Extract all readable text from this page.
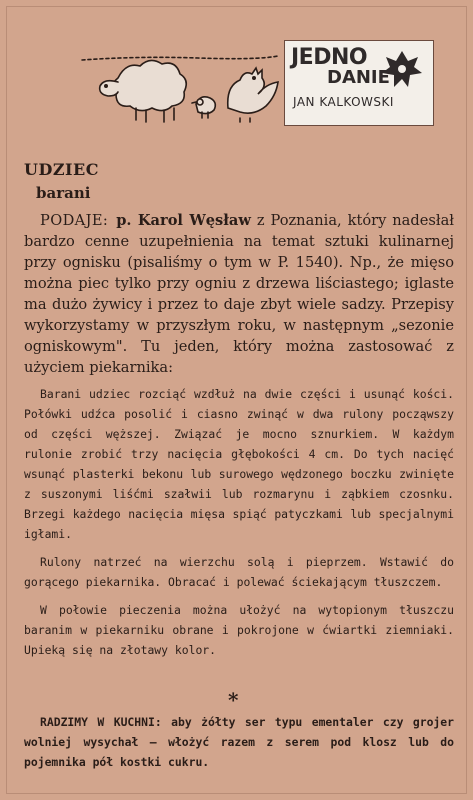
JEDNO
DANIE
JAN KALKOWSKI
UDZIEC
barani
PODAJE: p. Karol Węsław z Poznania, który nadesłał bardzo cenne uzupełnienia na temat sztuki kulinarnej przy ognisku (pisaliśmy o tym w P. 1540). Np., że mięso można piec tylko przy ogniu z drzewa liściastego; iglaste ma dużo żywicy i przez to daje zbyt wiele sadzy. Przepisy wykorzystamy w przyszłym roku, w następnym „sezonie ogniskowym". Tu jeden, który można zastosować z użyciem piekarnika:

Barani udziec rozciąć wzdłuż na dwie części i usunąć kości. Połówki udźca posolić i ciasno zwinąć w dwa rulony począwszy od części węższej. Związać je mocno sznurkiem. W każdym rulonie zrobić trzy nacięcia głębokości 4 cm. Do tych nacięć wsunąć plasterki bekonu lub surowego wędzonego boczku zwinięte z suszonymi liśćmi szałwii lub rozmarynu i ząbkiem czosnku. Brzegi każdego nacięcia mięsa spiąć patyczkami lub specjalnymi igłami.

Rulony natrzeć na wierzchu solą i pieprzem. Wstawić do gorącego piekarnika. Obracać i polewać ściekającym tłuszczem.

W połowie pieczenia można ułożyć na wytopionym tłuszczu baranim w piekarniku obrane i pokrojone w ćwiartki ziemniaki. Upieką się na złotawy kolor.

*

RADZIMY W KUCHNI: aby żółty ser typu ementaler czy grojer wolniej wysychał — włożyć razem z serem pod klosz lub do pojemnika pół kostki cukru.
